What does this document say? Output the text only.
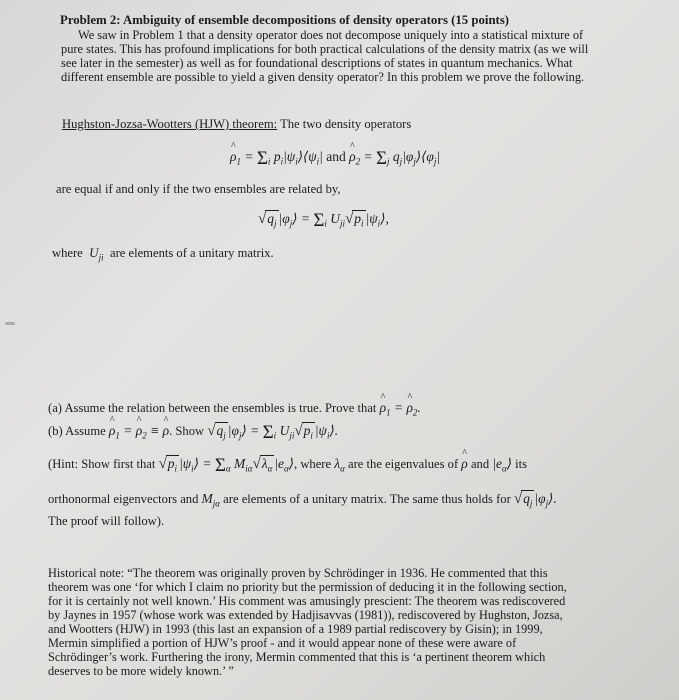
Problem 2: Ambiguity of ensemble decompositions of density operators (15 points)
We saw in Problem 1 that a density operator does not decompose uniquely into a statistical mixture of
pure states. This has profound implications for both practical calculations of the density matrix (as we will
see later in the semester) as well as for foundational descriptions of states in quantum mechanics. What
different ensemble are possible to yield a given density operator? In this problem we prove the following.
Hughston-Jozsa-Wootters (HJW) theorem: The two density operators
^ $\rho_1 = \Sigma_i$ $p_i|\psi_i⟩⟨\psi_i|$ and ^ $\rho_2 = \Sigma_j$ $q_j|\varphi_j⟩⟨\varphi_j|$
are equal if and only if the two ensembles are related by,
$√q_j$ $|\varphi_j⟩ = \Sigma_i$ $U_{ji}√p_i$ $|\psi_i⟩$,
where  $U_{ji}$ are elements of a unitary matrix.
(a) Assume the relation between the ensembles is true. Prove that ^ $\rho_1$ = ^ $\rho_2$.
(b) Assume ^ $\rho_1$ = ^ $\rho_2$ ≡ ^ ρ. Show $√q_j$ $|\varphi_j⟩ = \Sigma_i$ $U_{ji}√p_i$ $|\psi_i⟩$.
(Hint: Show first that $√p_i$ $|\psi_i⟩ = \Sigma_\alpha$ $M_{i\alpha}√\lambda_\alpha$ $|e_\alpha⟩$, where $\lambda_\alpha$ are the eigenvalues of ^ ρ and $|e_\alpha⟩$ its
orthonormal eigenvectors and $M_{j\alpha}$ are elements of a unitary matrix. The same thus holds for $√q_j$ $|\varphi_j⟩$.
The proof will follow).
Historical note: “The theorem was originally proven by Schrödinger in 1936. He commented that this
theorem was one ‘for which I claim no priority but the permission of deducing it in the following section,
for it is certainly not well known.’ His comment was amusingly prescient: The theorem was rediscovered
by Jaynes in 1957 (whose work was extended by Hadjisavvas (1981)), rediscovered by Hughston, Jozsa,
and Wootters (HJW) in 1993 (this last an expansion of a 1989 partial rediscovery by Gisin); in 1999,
Mermin simplified a portion of HJW’s proof - and it would appear none of these were aware of
Schrödinger’s work. Furthering the irony, Mermin commented that this is ‘a pertinent theorem which
deserves to be more widely known.’ ”
